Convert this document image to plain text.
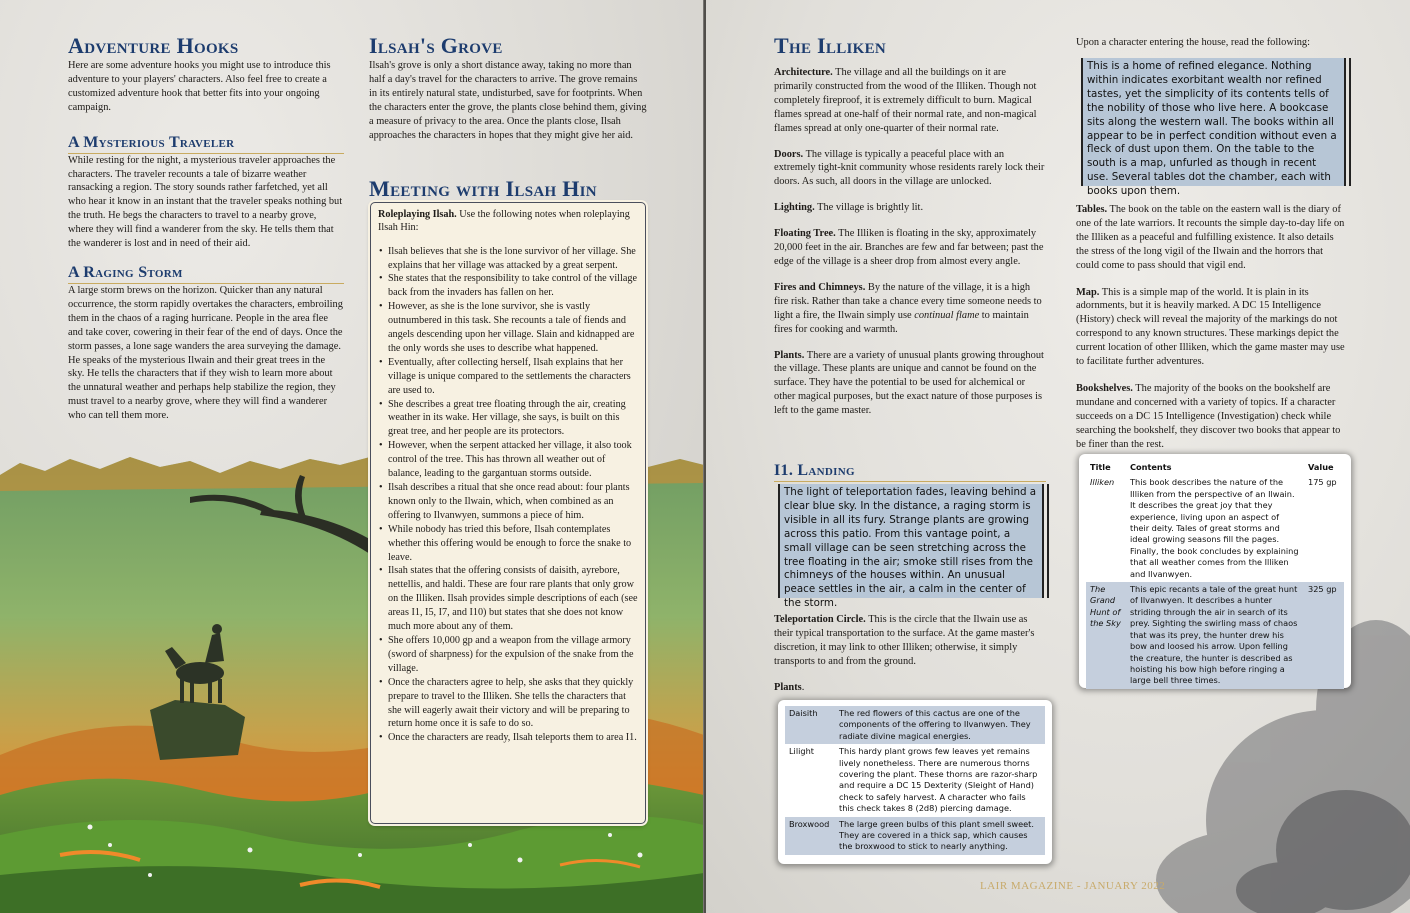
Adventure Hooks

Here are some adventure hooks you might use to introduce this adventure to your players' characters. Also feel free to create a customized adventure hook that better fits into your ongoing campaign.

A Mysterious Traveler

While resting for the night, a mysterious traveler approaches the characters. The traveler recounts a tale of bizarre weather ransacking a region. The story sounds rather farfetched, yet all who hear it know in an instant that the traveler speaks nothing but the truth. He begs the characters to travel to a nearby grove, where they will find a wanderer from the sky. He tells them that the wanderer is lost and in need of their aid.

A Raging Storm

A large storm brews on the horizon. Quicker than any natural occurrence, the storm rapidly overtakes the characters, embroiling them in the chaos of a raging hurricane. People in the area flee and take cover, cowering in their fear of the end of days. Once the storm passes, a lone sage wanders the area surveying the damage. He speaks of the mysterious Ilwain and their great trees in the sky. He tells the characters that if they wish to learn more about the unnatural weather and perhaps help stabilize the region, they must travel to a nearby grove, where they will find a wanderer who can tell them more.

Ilsah's Grove

Ilsah's grove is only a short distance away, taking no more than half a day's travel for the characters to arrive. The grove remains in its entirely natural state, undisturbed, save for footprints. When the characters enter the grove, the plants close behind them, giving a measure of privacy to the area. Once the plants close, Ilsah approaches the characters in hopes that they might give her aid.

Meeting with Ilsah Hin

Roleplaying Ilsah. Use the following notes when roleplaying Ilsah Hin:

• Ilsah believes that she is the lone survivor of her village. She explains that her village was attacked by a great serpent.
• She states that the responsibility to take control of the village back from the invaders has fallen on her.
• However, as she is the lone survivor, she is vastly outnumbered in this task. She recounts a tale of fiends and angels descending upon her village. Slain and kidnapped are the only words she uses to describe what happened.
• Eventually, after collecting herself, Ilsah explains that her village is unique compared to the settlements the characters are used to.
• She describes a great tree floating through the air, creating weather in its wake. Her village, she says, is built on this great tree, and her people are its protectors.
• However, when the serpent attacked her village, it also took control of the tree. This has thrown all weather out of balance, leading to the gargantuan storms outside.
• Ilsah describes a ritual that she once read about: four plants known only to the Ilwain, which, when combined as an offering to Ilvanwyen, summons a piece of him.
• While nobody has tried this before, Ilsah contemplates whether this offering would be enough to force the snake to leave.
• Ilsah states that the offering consists of daisith, ayrebore, nettellis, and haldi. These are four rare plants that only grow on the Illiken. Ilsah provides simple descriptions of each (see areas I1, I5, I7, and I10) but states that she does not know much more about any of them.
• She offers 10,000 gp and a weapon from the village armory (sword of sharpness) for the expulsion of the snake from the village.
• Once the characters agree to help, she asks that they quickly prepare to travel to the Illiken. She tells the characters that she will eagerly await their victory and will be preparing to return home once it is safe to do so.
• Once the characters are ready, Ilsah teleports them to area I1.
The Illiken

Architecture. The village and all the buildings on it are primarily constructed from the wood of the Illiken. Though not completely fireproof, it is extremely difficult to burn. Magical flames spread at one-half of their normal rate, and non-magical flames spread at only one-quarter of their normal rate.

Doors. The village is typically a peaceful place with an extremely tight-knit community whose residents rarely lock their doors. As such, all doors in the village are unlocked.

Lighting. The village is brightly lit.

Floating Tree. The Illiken is floating in the sky, approximately 20,000 feet in the air. Branches are few and far between; past the edge of the village is a sheer drop from almost every angle.

Fires and Chimneys. By the nature of the village, it is a high fire risk. Rather than take a chance every time someone needs to light a fire, the Ilwain simply use continual flame to maintain fires for cooking and warmth.

Plants. There are a variety of unusual plants growing throughout the village. These plants are unique and cannot be found on the surface. They have the potential to be used for alchemical or other magical purposes, but the exact nature of those purposes is left to the game master.

I1. Landing
The light of teleportation fades, leaving behind a clear blue sky. In the distance, a raging storm is visible in all its fury. Strange plants are growing across this patio. From this vantage point, a small village can be seen stretching across the tree floating in the air; smoke still rises from the chimneys of the houses within. An unusual peace settles in the air, a calm in the center of the storm.

Teleportation Circle. This is the circle that the Ilwain use as their typical transportation to the surface. At the game master's discretion, it may link to other Illiken; otherwise, it simply transports to and from the ground.

Plants.

Daisith	The red flowers of this cactus are one of the components of the offering to Ilvanwyen. They radiate divine magical energies.
Lilight	This hardy plant grows few leaves yet remains lively nonetheless. There are numerous thorns covering the plant. These thorns are razor-sharp and require a DC 15 Dexterity (Sleight of Hand) check to safely harvest. A character who fails this check takes 8 (2d8) piercing damage.
Broxwood	The large green bulbs of this plant smell sweet. They are covered in a thick sap, which causes the broxwood to stick to nearly anything.

Upon a character entering the house, read the following:

This is a home of refined elegance. Nothing within indicates exorbitant wealth nor refined tastes, yet the simplicity of its contents tells of the nobility of those who live here. A bookcase sits along the western wall. The books within all appear to be in perfect condition without even a fleck of dust upon them. On the table to the south is a map, unfurled as though in recent use. Several tables dot the chamber, each with books upon them.

Tables. The book on the table on the eastern wall is the diary of one of the late warriors. It recounts the simple day-to-day life on the Illiken as a peaceful and fulfilling existence. It also details the stress of the long vigil of the Ilwain and the horrors that could come to pass should that vigil end.

Map. This is a simple map of the world. It is plain in its adornments, but it is heavily marked. A DC 15 Intelligence (History) check will reveal the majority of the markings do not correspond to any known structures. These markings depict the current location of other Illiken, which the game master may use to facilitate further adventures.

Bookshelves. The majority of the books on the bookshelf are mundane and concerned with a variety of topics. If a character succeeds on a DC 15 Intelligence (Investigation) check while searching the bookshelf, they discover two books that appear to be finer than the rest.

Title	Contents	Value
Illiken	This book describes the nature of the Illiken from the perspective of an Ilwain. It describes the great joy that they experience, living upon an aspect of their deity. Tales of great storms and ideal growing seasons fill the pages. Finally, the book concludes by explaining that all weather comes from the Illiken and Ilvanwyen.	175 gp
The Grand Hunt of the Sky	This epic recants a tale of the great hunt of Ilvanwyen. It describes a hunter striding through the air in search of its prey. Sighting the swirling mass of chaos that was its prey, the hunter drew his bow and loosed his arrow. Upon felling the creature, the hunter is described as hoisting his bow high before ringing a large bell three times.	325 gp
LAIR MAGAZINE - JANUARY 2022
